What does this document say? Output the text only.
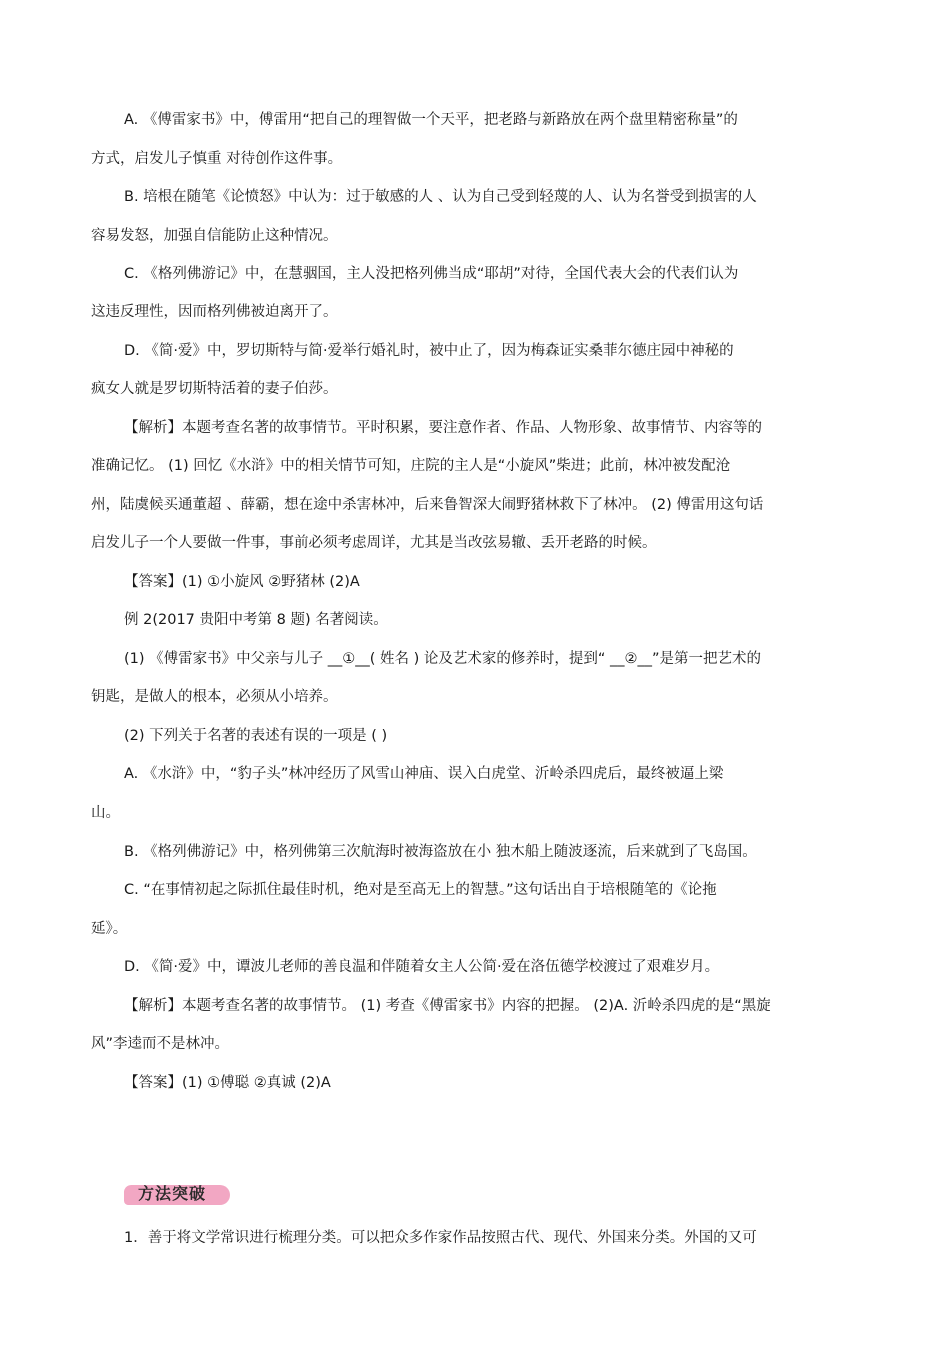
A. 《傅雷家书》中，傅雷用“把自己的理智做一个天平，把老路与新路放在两个盘里精密称量”的
方式，启发儿子慎重 对待创作这件事。
B. 培根在随笔《论愤怒》中认为：过于敏感的人 、认为自己受到轻蔑的人、认为名誉受到损害的人
容易发怒，加强自信能防止这种情况。
C. 《格列佛游记》中，在慧骃国，主人没把格列佛当成“耶胡”对待，全国代表大会的代表们认为
这违反理性，因而格列佛被迫离开了。
D. 《简·爱》中，罗切斯特与简·爱举行婚礼时，被中止了，因为梅森证实桑菲尔德庄园中神秘的
疯女人就是罗切斯特活着的妻子伯莎。
【解析】本题考查名著的故事情节。平时积累，要注意作者、作品、人物形象、故事情节、内容等的
准确记忆。 (1) 回忆《水浒》中的相关情节可知，庄院的主人是“小旋风”柴进；此前，林冲被发配沧
州，陆虞候买通董超 、薛霸，想在途中杀害林冲，后来鲁智深大闹野猪林救下了林冲。 (2) 傅雷用这句话
启发儿子一个人要做一件事，事前必须考虑周详，尤其是当改弦易辙、丢开老路的时候。
【答案】(1) ①小旋风 ②野猪林 (2)A
例 2(2017 贵阳中考第 8 题) 名著阅读。
(1) 《傅雷家书》中父亲与儿子 __①__( 姓名 ) 论及艺术家的修养时，提到“ __②__”是第一把艺术的
钥匙，是做人的根本，必须从小培养。
(2) 下列关于名著的表述有误的一项是 ( )
A. 《水浒》中，“豹子头”林冲经历了风雪山神庙、误入白虎堂、沂岭杀四虎后，最终被逼上梁
山。
B. 《格列佛游记》中，格列佛第三次航海时被海盗放在小 独木船上随波逐流，后来就到了飞岛国。
C. “在事情初起之际抓住最佳时机，绝对是至高无上的智慧。”这句话出自于培根随笔的《论拖
延》。
D. 《简·爱》中，谭波儿老师的善良温和伴随着女主人公简·爱在洛伍德学校渡过了艰难岁月。
【解析】本题考查名著的故事情节。 (1) 考查《傅雷家书》内容的把握。 (2)A. 沂岭杀四虎的是“黑旋
风”李逵而不是林冲。
【答案】(1) ①傅聪 ②真诚 (2)A
方法突破
1．善于将文学常识进行梳理分类。可以把众多作家作品按照古代、现代、外国来分类。外国的又可
